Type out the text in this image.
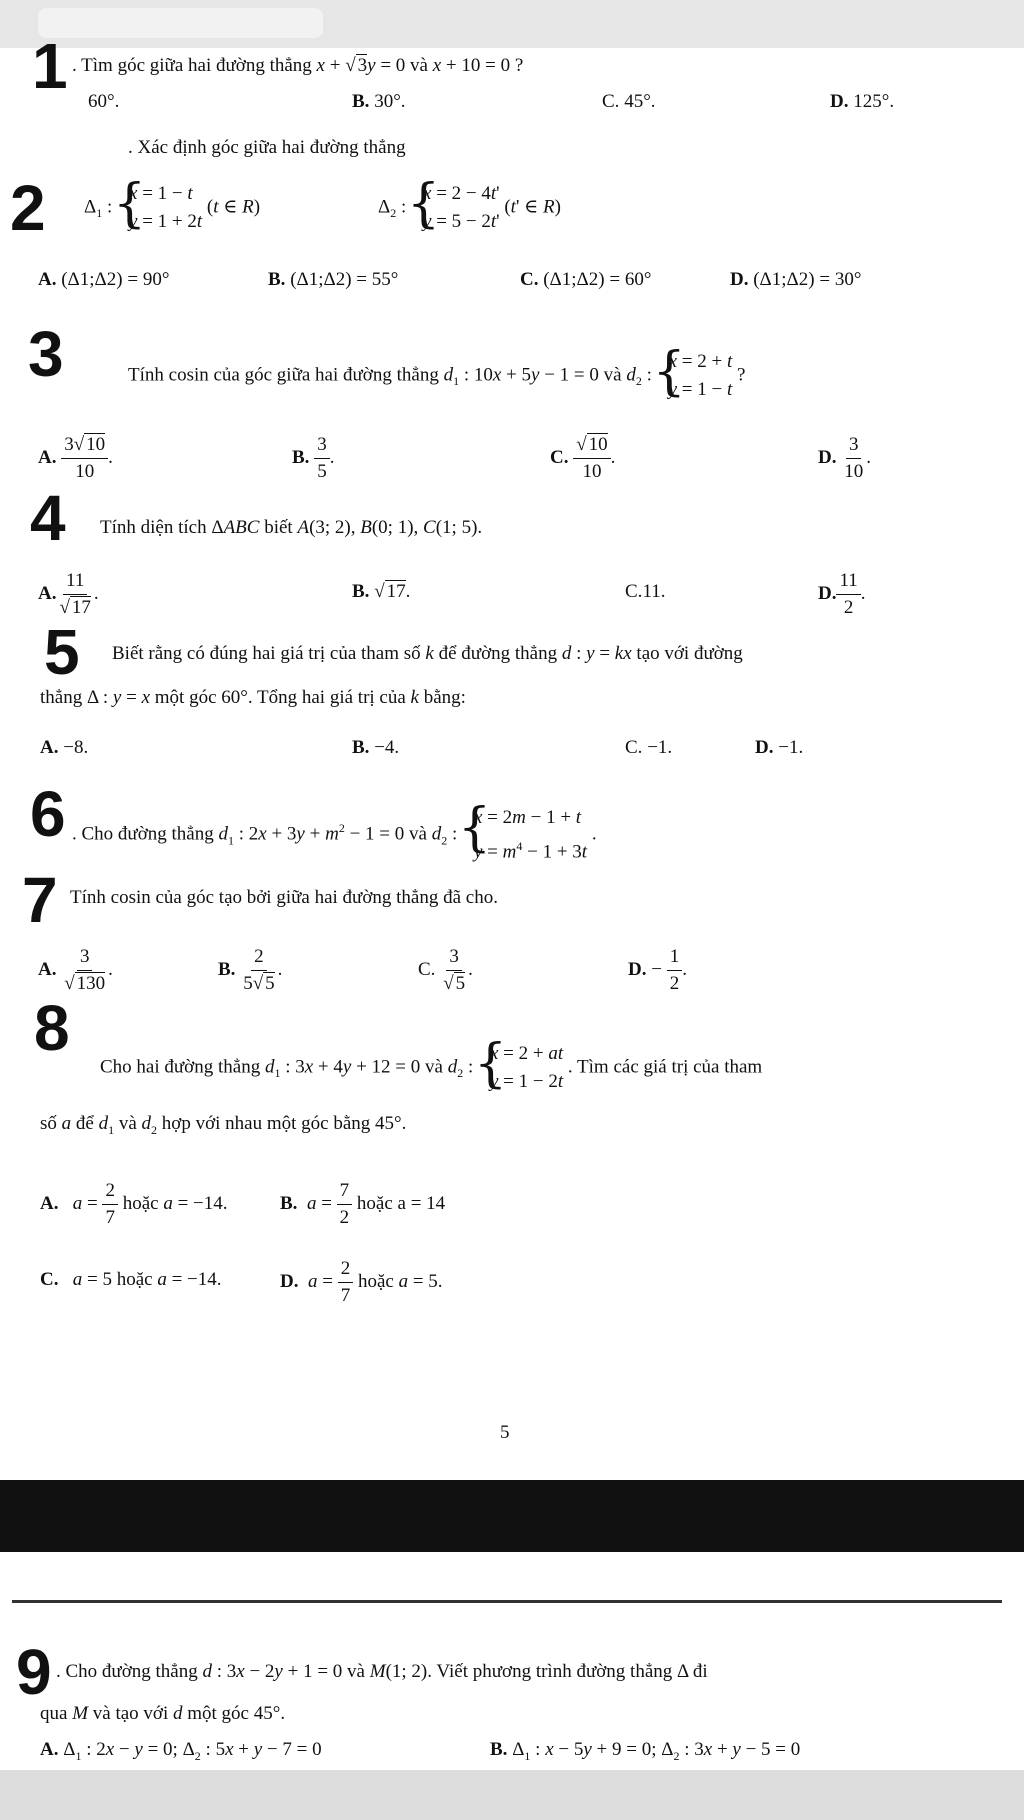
1 . Tìm góc giữa hai đường thẳng x + √ 3y = 0 và x + 10 = 0 ?
60°.	B. 30°.	C. 45°.	D. 125°.
. Xác định góc giữa hai đường thẳng
2 $\Delta_1$ : { x = 1 − t
y = 1 + 2t (t ∈ R)	$\Delta_2$ : { x = 2 − 4t'
y = 5 − 2t' (t' ∈ R)
A. (Δ1;Δ2) = 90°	B. (Δ1;Δ2) = 55°	C. (Δ1;Δ2) = 60°	D. (Δ1;Δ2) = 30°
3	Tính cosin của góc giữa hai đường thẳng $d_1$ : 10x + 5y − 1 = 0 và $d_2$ : { x = 2 + t
y = 1 − t ?
A. $\frac{3√ 10}{10}$ .	B. $\frac{3}{5}$ .	C. $\frac{√ 10}{10}$ .	D. $\frac{3}{10}$ .
4 Tính diện tích ΔABC biết A(3; 2), B(0; 1), C(1; 5).
A. $\frac{11}{√ 17}$ .	B. √ 17.	C.11.	D. $\frac{11}{2}$ .
5 Biết rằng có đúng hai giá trị của tham số k để đường thẳng d : y = kx tạo với đường
thẳng Δ : y = x một góc 60°. Tổng hai giá trị của k bằng:
A. −8.	B. −4.	C. −1.	D. −1.
6 . Cho đường thẳng $d_1$ : $2x + 3y + m^2 - 1 = 0$ và $d_2$ : { x = 2m − 1 + t
$y = m^4 - 1 + 3t$ .
7 Tính cosin của góc tạo bởi giữa hai đường thẳng đã cho.
A. $\frac{3}{√ 130}$ .	B. $\frac{2}{5√ 5}$ .	C. $\frac{3}{√ 5}$ .	D. − $\frac{1}{2}$ .
8
Cho hai đường thẳng $d_1$ : 3x + 4y + 12 = 0 và $d_2$ : { x = 2 + at
y = 1 − 2t . Tìm các giá trị của tham
số a để $d_1$ và $d_2$ hợp với nhau một góc bằng 45°.
A. $a = \frac{2}{7}$ hoặc a = −14.	B. $a = \frac{7}{2}$ hoặc a = 14
C. a = 5 hoặc a = −14.	D. $a = \frac{2}{7}$ hoặc a = 5.
5
9 . Cho đường thẳng d : 3x − 2y + 1 = 0 và M(1; 2). Viết phương trình đường thẳng Δ đi
qua M và tạo với d một góc 45°.
A. $\Delta_1$ : 2x − y = 0; $\Delta_2$ : 5x + y − 7 = 0	B. $\Delta_1$ : x − 5y + 9 = 0; $\Delta_2$ : 3x + y − 5 = 0
